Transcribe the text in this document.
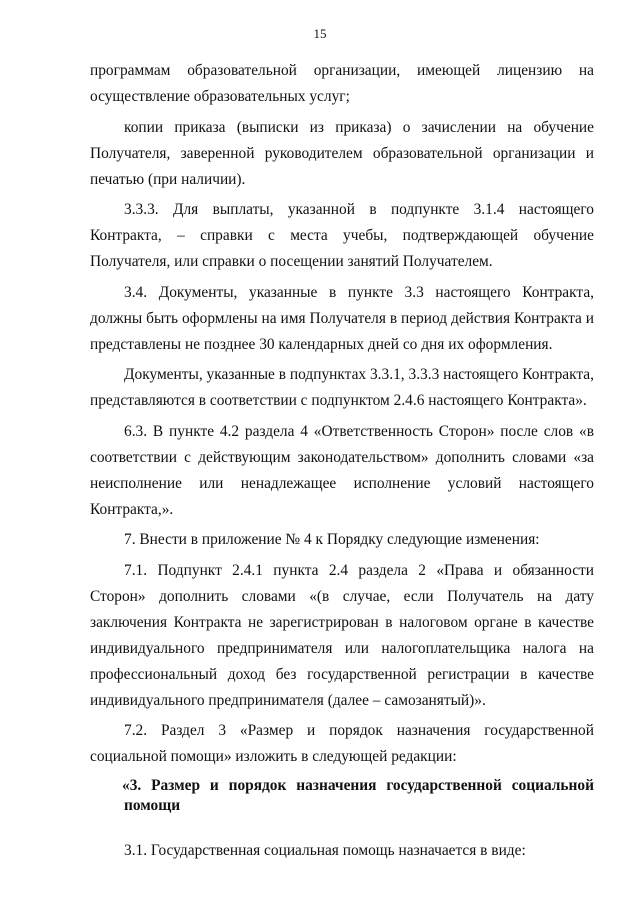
15

программам образовательной организации, имеющей лицензию на осуществление образовательных услуг;

копии приказа (выписки из приказа) о зачислении на обучение Получателя, заверенной руководителем образовательной организации и печатью (при наличии).

3.3.3. Для выплаты, указанной в подпункте 3.1.4 настоящего Контракта, – справки с места учебы, подтверждающей обучение Получателя, или справки о посещении занятий Получателем.

3.4. Документы, указанные в пункте 3.3 настоящего Контракта, должны быть оформлены на имя Получателя в период действия Контракта и представлены не позднее 30 календарных дней со дня их оформления.

Документы, указанные в подпунктах 3.3.1, 3.3.3 настоящего Контракта, представляются в соответствии с подпунктом 2.4.6 настоящего Контракта».

6.3. В пункте 4.2 раздела 4 «Ответственность Сторон» после слов «в соответствии с действующим законодательством» дополнить словами «за неисполнение или ненадлежащее исполнение условий настоящего Контракта,».

7. Внести в приложение № 4 к Порядку следующие изменения:

7.1. Подпункт 2.4.1 пункта 2.4 раздела 2 «Права и обязанности Сторон» дополнить словами «(в случае, если Получатель на дату заключения Контракта не зарегистрирован в налоговом органе в качестве индивидуального предпринимателя или налогоплательщика налога на профессиональный доход без государственной регистрации в качестве индивидуального предпринимателя (далее – самозанятый)».

7.2. Раздел 3 «Размер и порядок назначения государственной социальной помощи» изложить в следующей редакции:

«3. Размер и порядок назначения государственной социальной помощи

3.1. Государственная социальная помощь назначается в виде:
